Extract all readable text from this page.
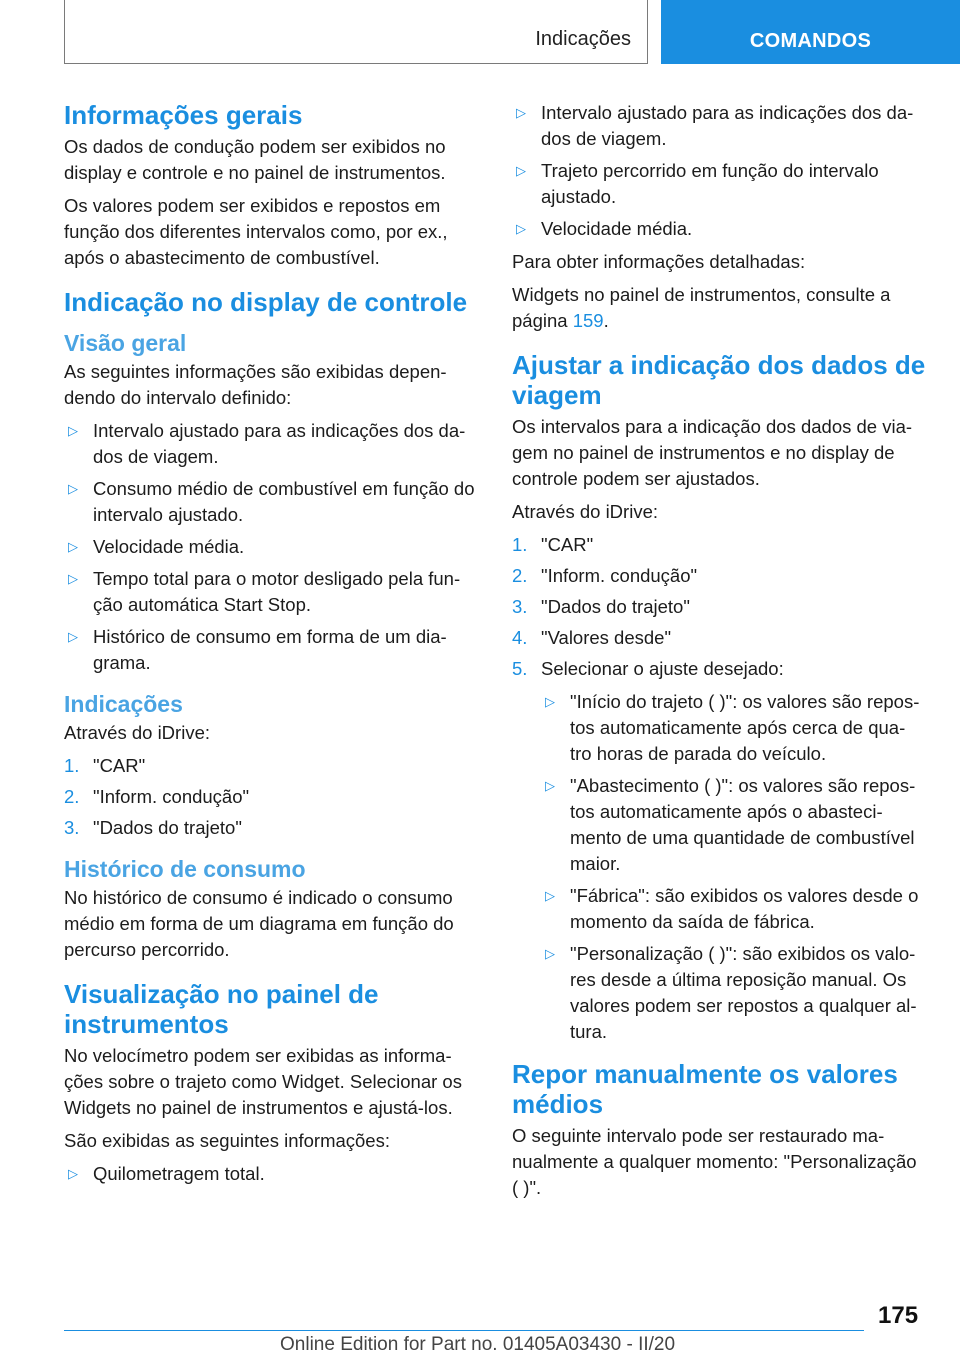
Indicações	COMANDOS
Informações gerais

Os dados de condução podem ser exibidos no display e controle e no painel de instrumentos.

Os valores podem ser exibidos e repostos em função dos diferentes intervalos como, por ex., após o abastecimento de combustível.

Indicação no display de controle
Visão geral

As seguintes informações são exibidas depen-dendo do intervalo definido:

▷ Intervalo ajustado para as indicações dos da-dos de viagem.
▷ Consumo médio de combustível em função do intervalo ajustado.
▷ Velocidade média.
▷ Tempo total para o motor desligado pela fun-ção automática Start Stop.
▷ Histórico de consumo em forma de um dia-grama.
Indicações

Através do iDrive:

1. "CAR"
2. "Inform. condução"
3. "Dados do trajeto"
Histórico de consumo

No histórico de consumo é indicado o consumo médio em forma de um diagrama em função do percurso percorrido.

Visualização no painel de instrumentos

No velocímetro podem ser exibidas as informa-ções sobre o trajeto como Widget. Selecionar os Widgets no painel de instrumentos e ajustá-los.

São exibidas as seguintes informações:

▷ Quilometragem total.
▷ Intervalo ajustado para as indicações dos da-dos de viagem.
▷ Trajeto percorrido em função do intervalo ajustado.
▷ Velocidade média.

Para obter informações detalhadas:

Widgets no painel de instrumentos, consulte a página 159.

Ajustar a indicação dos dados de viagem

Os intervalos para a indicação dos dados de via-gem no painel de instrumentos e no display de controle podem ser ajustados.

Através do iDrive:

1. "CAR"
2. "Inform. condução"
3. "Dados do trajeto"
4. "Valores desde"
5. Selecionar o ajuste desejado:
▷ "Início do trajeto ( )": os valores são repos-tos automaticamente após cerca de qua-tro horas de parada do veículo.
▷ "Abastecimento ( )": os valores são repos-tos automaticamente após o abasteci-mento de uma quantidade de combustível maior.
▷ "Fábrica": são exibidos os valores desde o momento da saída de fábrica.
▷ "Personalização ( )": são exibidos os valo-res desde a última reposição manual. Os valores podem ser repostos a qualquer al-tura.
Repor manualmente os valores médios

O seguinte intervalo pode ser restaurado ma-nualmente a qualquer momento: "Personalização ( )".

175
Online Edition for Part no. 01405A03430 - II/20
